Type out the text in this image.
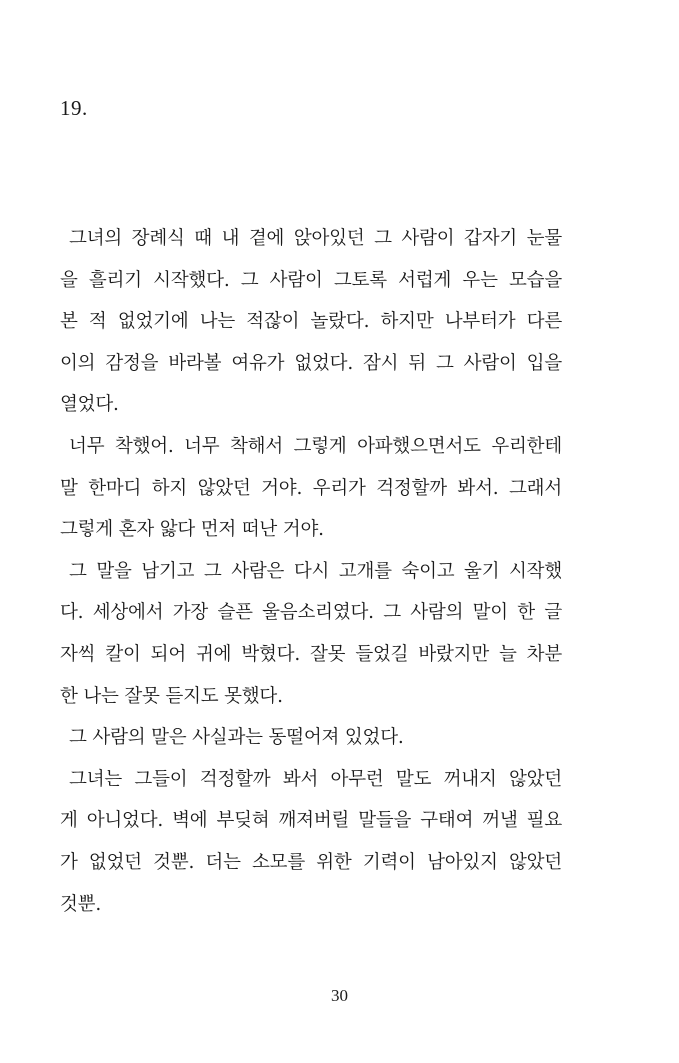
19.
 그녀의 장례식 때 내 곁에 앉아있던 그 사람이 갑자기 눈물
을 흘리기 시작했다. 그 사람이 그토록 서럽게 우는 모습을
본 적 없었기에 나는 적잖이 놀랐다. 하지만 나부터가 다른
이의 감정을 바라볼 여유가 없었다. 잠시 뒤 그 사람이 입을
열었다.
 너무 착했어. 너무 착해서 그렇게 아파했으면서도 우리한테
말 한마디 하지 않았던 거야. 우리가 걱정할까 봐서. 그래서
그렇게 혼자 앓다 먼저 떠난 거야.
 그 말을 남기고 그 사람은 다시 고개를 숙이고 울기 시작했
다. 세상에서 가장 슬픈 울음소리였다. 그 사람의 말이 한 글
자씩 칼이 되어 귀에 박혔다. 잘못 들었길 바랐지만 늘 차분
한 나는 잘못 듣지도 못했다.
 그 사람의 말은 사실과는 동떨어져 있었다.
 그녀는 그들이 걱정할까 봐서 아무런 말도 꺼내지 않았던
게 아니었다. 벽에 부딪혀 깨져버릴 말들을 구태여 꺼낼 필요
가 없었던 것뿐. 더는 소모를 위한 기력이 남아있지 않았던
것뿐.
30
